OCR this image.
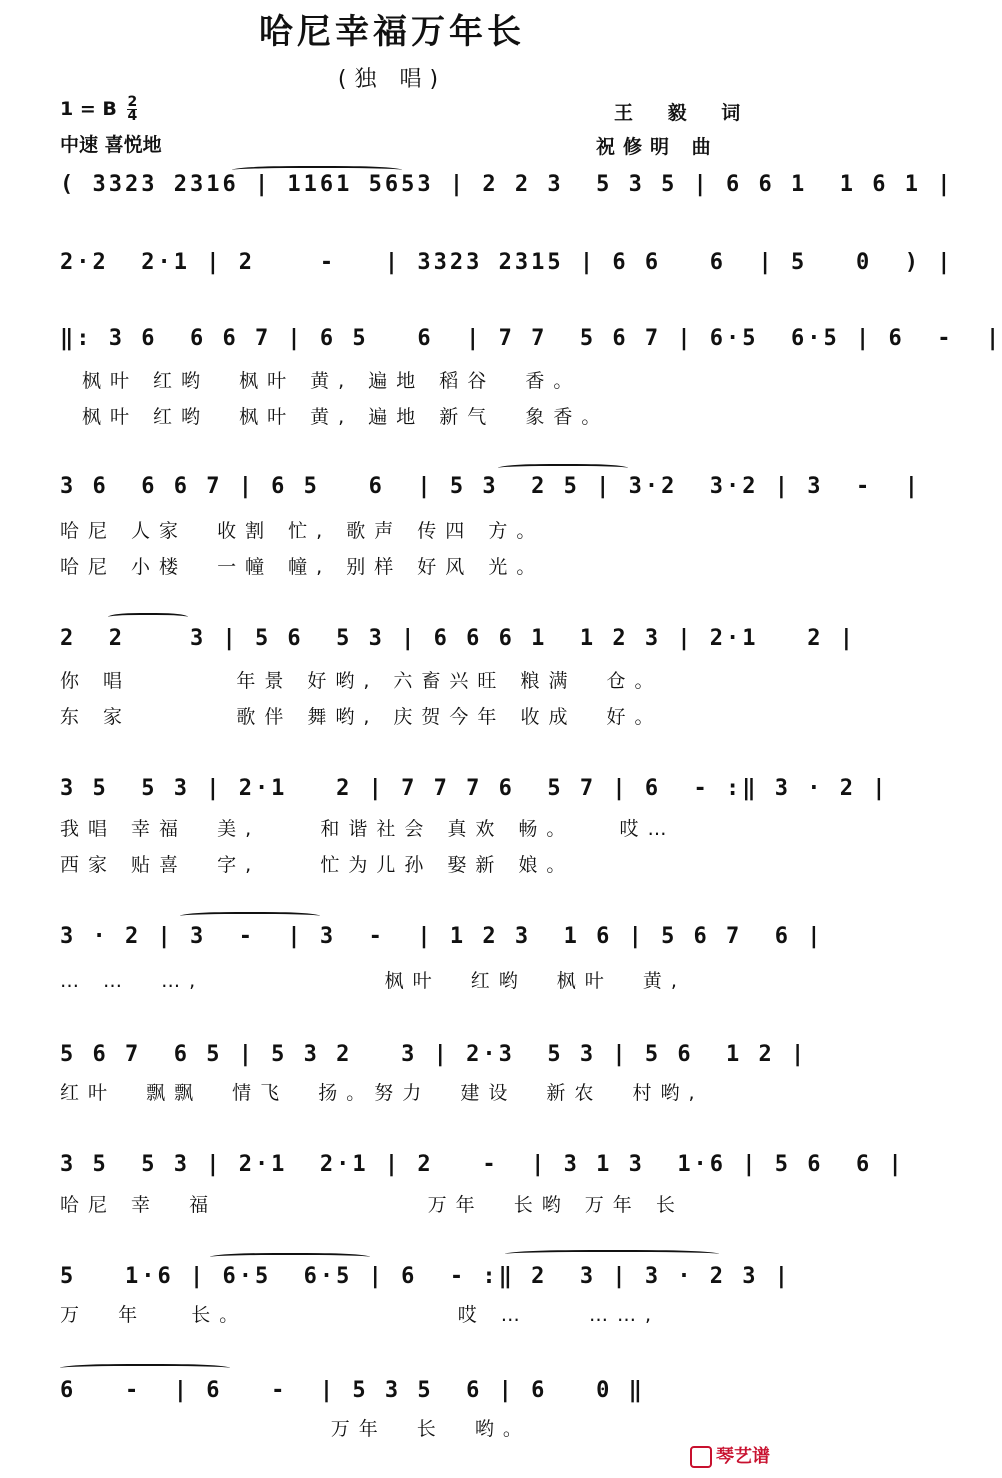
哈尼幸福万年长
(独 唱)
1 = B $\frac{2}{4}$
中速 喜悦地
王 毅 词
祝修明 曲
( 3323 2316 | 1161 5653 | 2 2 3  5 3 5 | 6 6 1  1 6 1 |
2·2  2·1 | 2    -   | 3323 2315 | 6 6   6  | 5   0  ) |
‖: 3 6  6 6 7 | 6 5   6  | 7 7  5 6 7 | 6·5  6·5 | 6  -  |
枫叶 红哟  枫叶 黄, 遍地 稻谷  香。
枫叶 红哟  枫叶 黄, 遍地 新气  象香。
3 6  6 6 7 | 6 5   6  | 5 3  2 5 | 3·2  3·2 | 3  -  |
哈尼 人家  收割 忙, 歌声 传四 方。
哈尼 小楼  一幢 幢, 别样 好风 光。
2  2    3 | 5 6  5 3 | 6 6 6 1  1 2 3 | 2·1   2 |
你 唱       年景 好哟, 六畜兴旺 粮满  仓。
东 家       歌伴 舞哟, 庆贺今年 收成  好。
3 5  5 3 | 2·1   2 | 7 7 7 6  5 7 | 6  - :‖ 3 · 2 |
我唱 幸福  美,    和谐社会 真欢 畅。   哎…
西家 贴喜  字,    忙为儿孙 娶新 娘。
3 · 2 | 3  -  | 3  -  | 1 2 3  1 6 | 5 6 7  6 |
… …  …,            枫叶  红哟  枫叶  黄,
5 6 7  6 5 | 5 3 2   3 | 2·3  5 3 | 5 6  1 2 |
红叶  飘飘  情飞  扬。努力  建设  新农  村哟,
3 5  5 3 | 2·1  2·1 | 2   -  | 3 1 3  1·6 | 5 6  6 |
哈尼 幸  福              万年  长哟 万年 长
5   1·6 | 6·5  6·5 | 6  - :‖ 2  3 | 3 · 2 3 |
万  年   长。              哎 …    ……,
6   -  | 6   -  | 5 3 5  6 | 6   0 ‖
万年  长  哟。
琴艺谱
